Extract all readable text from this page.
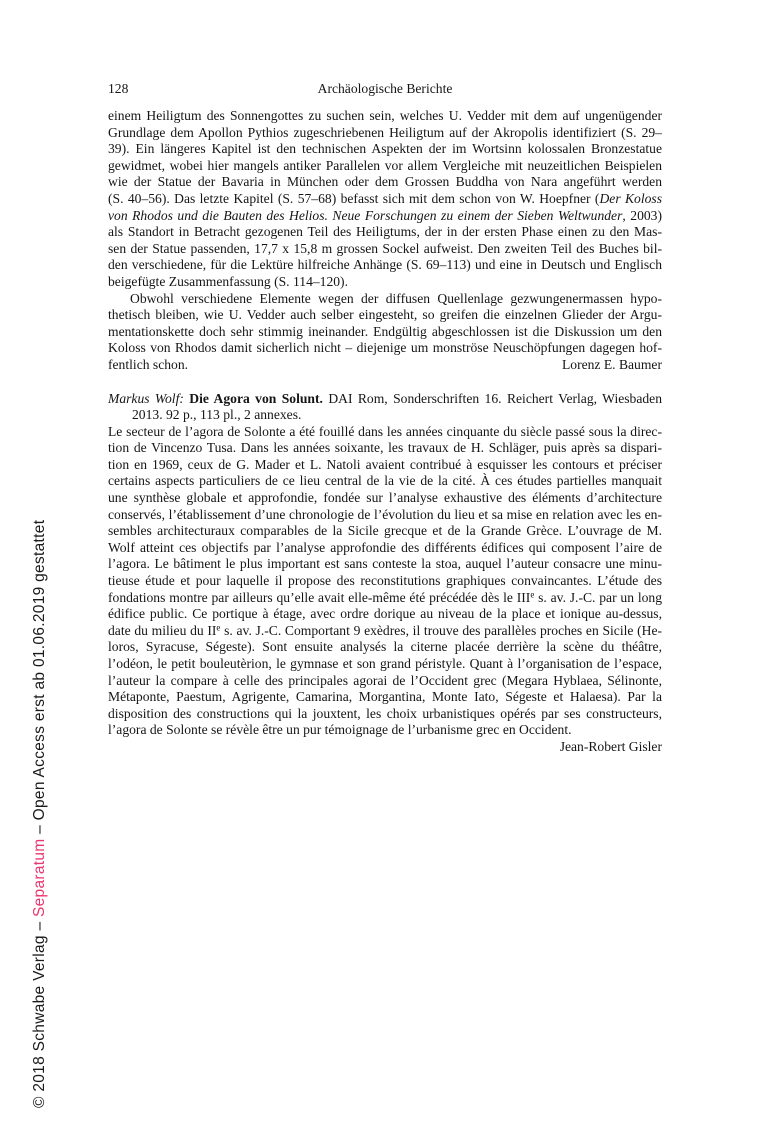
© 2018 Schwabe Verlag – Separatum – Open Access erst ab 01.06.2019 gestattet
128	Archäologische Berichte
einem Heiligtum des Sonnengottes zu suchen sein, welches U. Vedder mit dem auf ungenügender
Grundlage dem Apollon Pythios zugeschriebenen Heiligtum auf der Akropolis identifiziert (S. 29–
39). Ein längeres Kapitel ist den technischen Aspekten der im Wortsinn kolossalen Bronzestatue
gewidmet, wobei hier mangels antiker Parallelen vor allem Vergleiche mit neuzeitlichen Beispielen
wie der Statue der Bavaria in München oder dem Grossen Buddha von Nara angeführt werden
(S. 40–56). Das letzte Kapitel (S. 57–68) befasst sich mit dem schon von W. Hoepfner (Der Koloss
von Rhodos und die Bauten des Helios. Neue Forschungen zu einem der Sieben Weltwunder, 2003)
als Standort in Betracht gezogenen Teil des Heiligtums, der in der ersten Phase einen zu den Mas-
sen der Statue passenden, 17,7 x 15,8 m grossen Sockel aufweist. Den zweiten Teil des Buches bil-
den verschiedene, für die Lektüre hilfreiche Anhänge (S. 69–113) und eine in Deutsch und Englisch
beigefügte Zusammenfassung (S. 114–120).
Obwohl verschiedene Elemente wegen der diffusen Quellenlage gezwungenermassen hypo-
thetisch bleiben, wie U. Vedder auch selber eingesteht, so greifen die einzelnen Glieder der Argu-
mentationskette doch sehr stimmig ineinander. Endgültig abgeschlossen ist die Diskussion um den
Koloss von Rhodos damit sicherlich nicht – diejenige um monströse Neuschöpfungen dagegen hof-
fentlich schon.	Lorenz E. Baumer
Markus Wolf: Die Agora von Solunt. DAI Rom, Sonderschriften 16. Reichert Verlag, Wiesbaden
2013. 92 p., 113 pl., 2 annexes.
Le secteur de l’agora de Solonte a été fouillé dans les années cinquante du siècle passé sous la direc-
tion de Vincenzo Tusa. Dans les années soixante, les travaux de H. Schläger, puis après sa dispari-
tion en 1969, ceux de G. Mader et L. Natoli avaient contribué à esquisser les contours et préciser
certains aspects particuliers de ce lieu central de la vie de la cité. À ces études partielles manquait
une synthèse globale et approfondie, fondée sur l’analyse exhaustive des éléments d’architecture
conservés, l’établissement d’une chronologie de l’évolution du lieu et sa mise en relation avec les en-
sembles architecturaux comparables de la Sicile grecque et de la Grande Grèce. L’ouvrage de M.
Wolf atteint ces objectifs par l’analyse approfondie des différents édifices qui composent l’aire de
l’agora. Le bâtiment le plus important est sans conteste la stoa, auquel l’auteur consacre une minu-
tieuse étude et pour laquelle il propose des reconstitutions graphiques convaincantes. L’étude des
fondations montre par ailleurs qu’elle avait elle-même été précédée dès le IIIe s. av. J.-C. par un long
édifice public. Ce portique à étage, avec ordre dorique au niveau de la place et ionique au-dessus,
date du milieu du IIe s. av. J.-C. Comportant 9 exèdres, il trouve des parallèles proches en Sicile (He-
loros, Syracuse, Ségeste). Sont ensuite analysés la citerne placée derrière la scène du théâtre,
l’odéon, le petit bouleutèrion, le gymnase et son grand péristyle. Quant à l’organisation de l’espace,
l’auteur la compare à celle des principales agorai de l’Occident grec (Megara Hyblaea, Sélinonte,
Métaponte, Paestum, Agrigente, Camarina, Morgantina, Monte Iato, Ségeste et Halaesa). Par la
disposition des constructions qui la jouxtent, les choix urbanistiques opérés par ses constructeurs,
l’agora de Solonte se révèle être un pur témoignage de l’urbanisme grec en Occident.
Jean-Robert Gisler
